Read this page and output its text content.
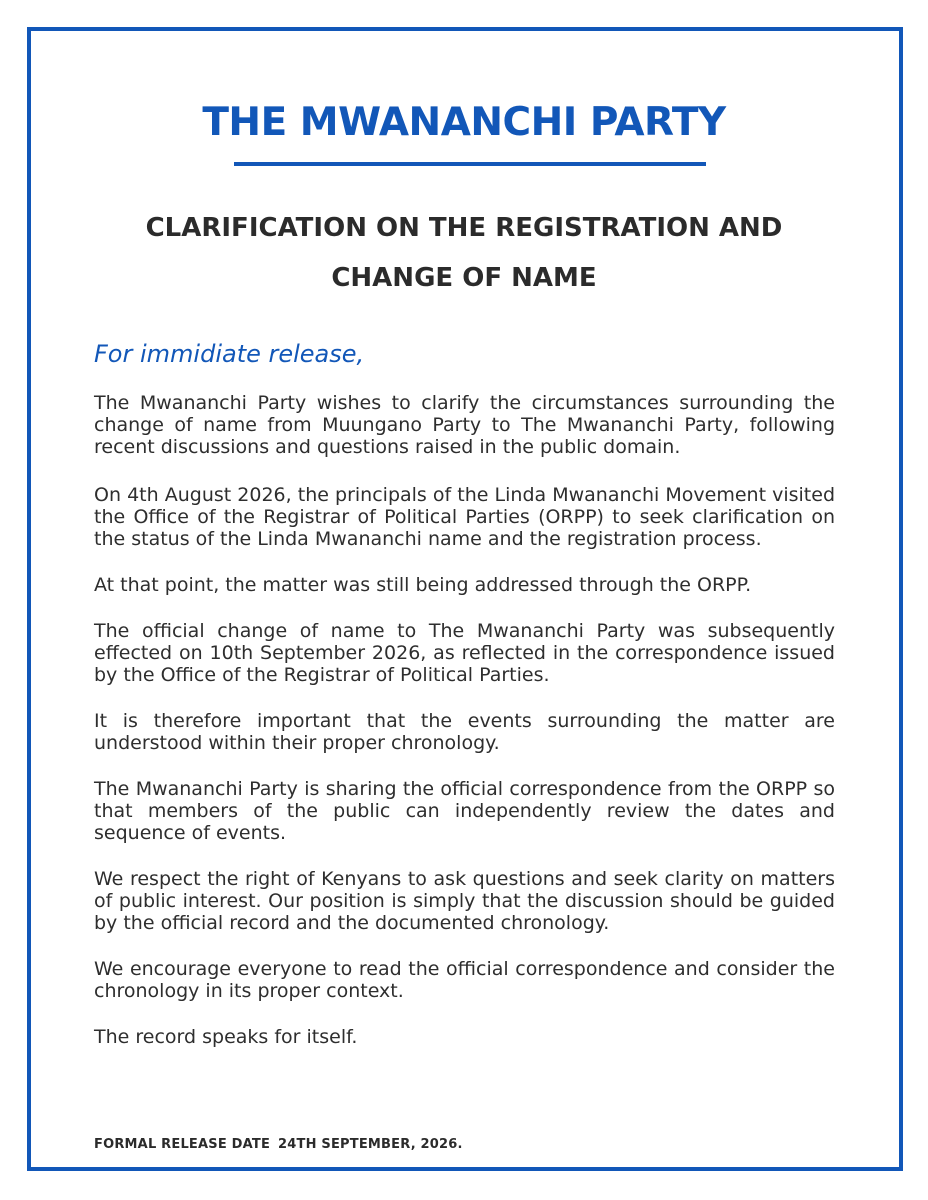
THE MWANANCHI PARTY
CLARIFICATION ON THE REGISTRATION AND
CHANGE OF NAME

For immidiate release,

The Mwananchi Party wishes to clarify the circumstances surrounding the change of name from Muungano Party to The Mwananchi Party, following recent discussions and questions raised in the public domain.

On 4th August 2026, the principals of the Linda Mwananchi Movement visited the Office of the Registrar of Political Parties (ORPP) to seek clarification on the status of the Linda Mwananchi name and the registration process.

At that point, the matter was still being addressed through the ORPP.

The official change of name to The Mwananchi Party was subsequently effected on 10th September 2026, as reflected in the correspondence issued by the Office of the Registrar of Political Parties.

It is therefore important that the events surrounding the matter are understood within their proper chronology.

The Mwananchi Party is sharing the official correspondence from the ORPP so that members of the public can independently review the dates and sequence of events.

We respect the right of Kenyans to ask questions and seek clarity on matters of public interest. Our position is simply that the discussion should be guided by the official record and the documented chronology.

We encourage everyone to read the official correspondence and consider the chronology in its proper context.

The record speaks for itself.

FORMAL RELEASE DATE 24TH SEPTEMBER, 2026.
